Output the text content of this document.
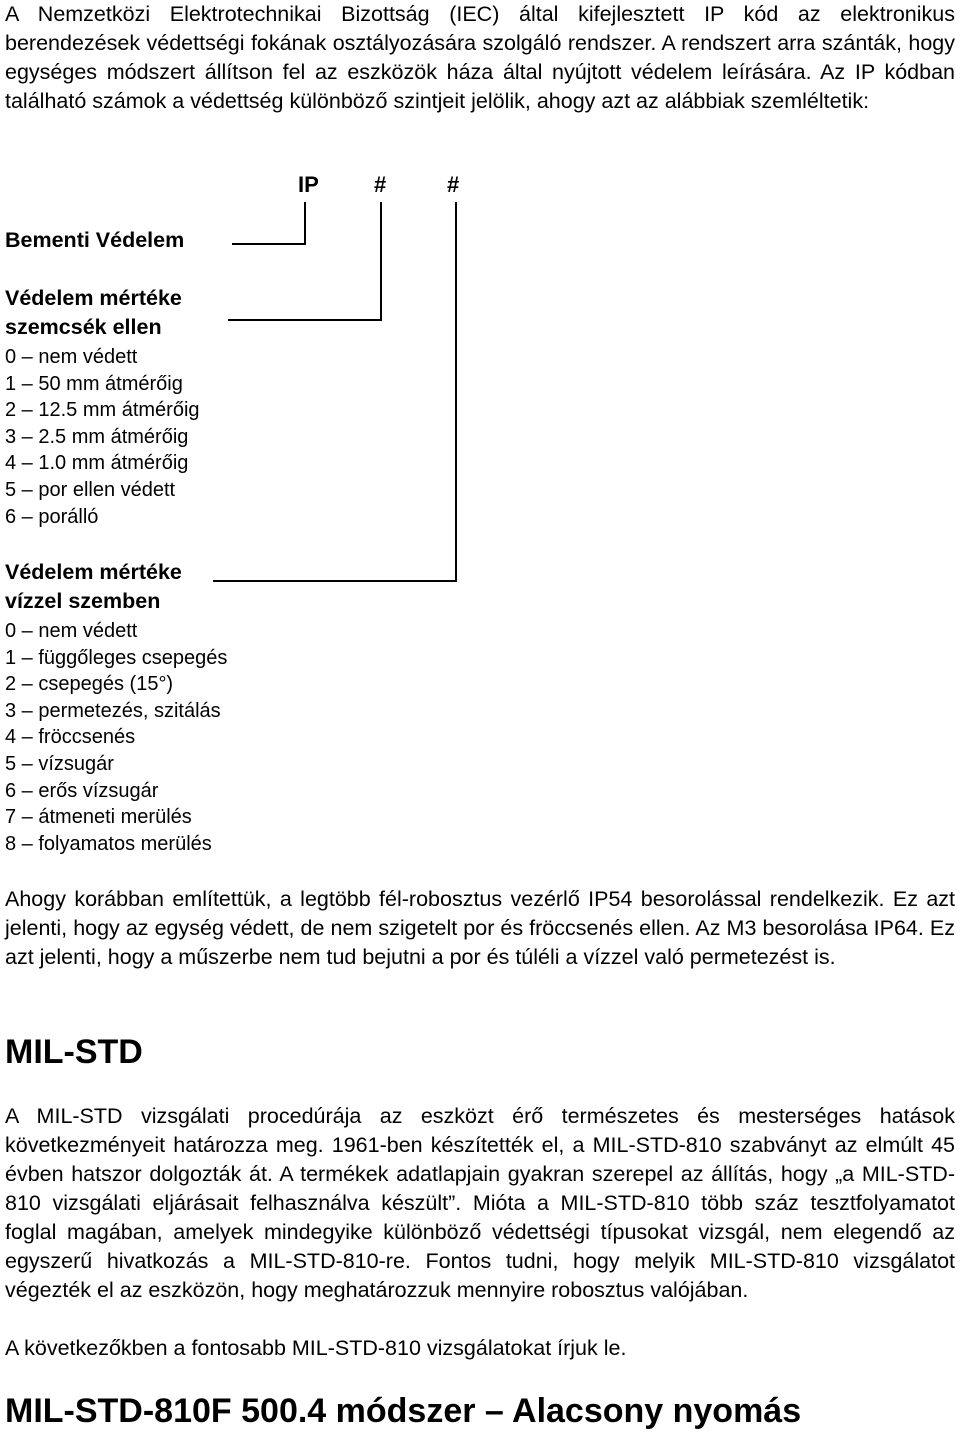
A Nemzetközi Elektrotechnikai Bizottság (IEC) által kifejlesztett IP kód az elektronikus berendezések védettségi fokának osztályozására szolgáló rendszer. A rendszert arra szánták, hogy egységes módszert állítson fel az eszközök háza által nyújtott védelem leírására. Az IP kódban található számok a védettség különböző szintjeit jelölik, ahogy azt az alábbiak szemléltetik:

IP	#	#
Bementi Védelem
Védelem mértéke
szemcsék ellen
0 – nem védett
1 – 50 mm átmérőig
2 – 12.5 mm átmérőig
3 – 2.5 mm átmérőig
4 – 1.0 mm átmérőig
5 – por ellen védett
6 – porálló
Védelem mértéke
vízzel szemben
0 – nem védett
1 – függőleges csepegés
2 – csepegés (15°)
3 – permetezés, szitálás
4 – fröccsenés
5 – vízsugár
6 – erős vízsugár
7 – átmeneti merülés
8 – folyamatos merülés

Ahogy korábban említettük, a legtöbb fél-robosztus vezérlő IP54 besorolással rendelkezik. Ez azt jelenti, hogy az egység védett, de nem szigetelt por és fröccsenés ellen. Az M3 besorolása IP64. Ez azt jelenti, hogy a műszerbe nem tud bejutni a por és túléli a vízzel való permetezést is.

MIL-STD

A MIL-STD vizsgálati procedúrája az eszközt érő természetes és mesterséges hatások következményeit határozza meg. 1961-ben készítették el, a MIL-STD-810 szabványt az elmúlt 45 évben hatszor dolgozták át. A termékek adatlapjain gyakran szerepel az állítás, hogy „a MIL-STD-810 vizsgálati eljárásait felhasználva készült”. Mióta a MIL-STD-810 több száz tesztfolyamatot foglal magában, amelyek mindegyike különböző védettségi típusokat vizsgál, nem elegendő az egyszerű hivatkozás a MIL-STD-810-re. Fontos tudni, hogy melyik MIL-STD-810 vizsgálatot végezték el az eszközön, hogy meghatározzuk mennyire robosztus valójában.

A következőkben a fontosabb MIL-STD-810 vizsgálatokat írjuk le.

MIL-STD-810F 500.4 módszer – Alacsony nyomás
